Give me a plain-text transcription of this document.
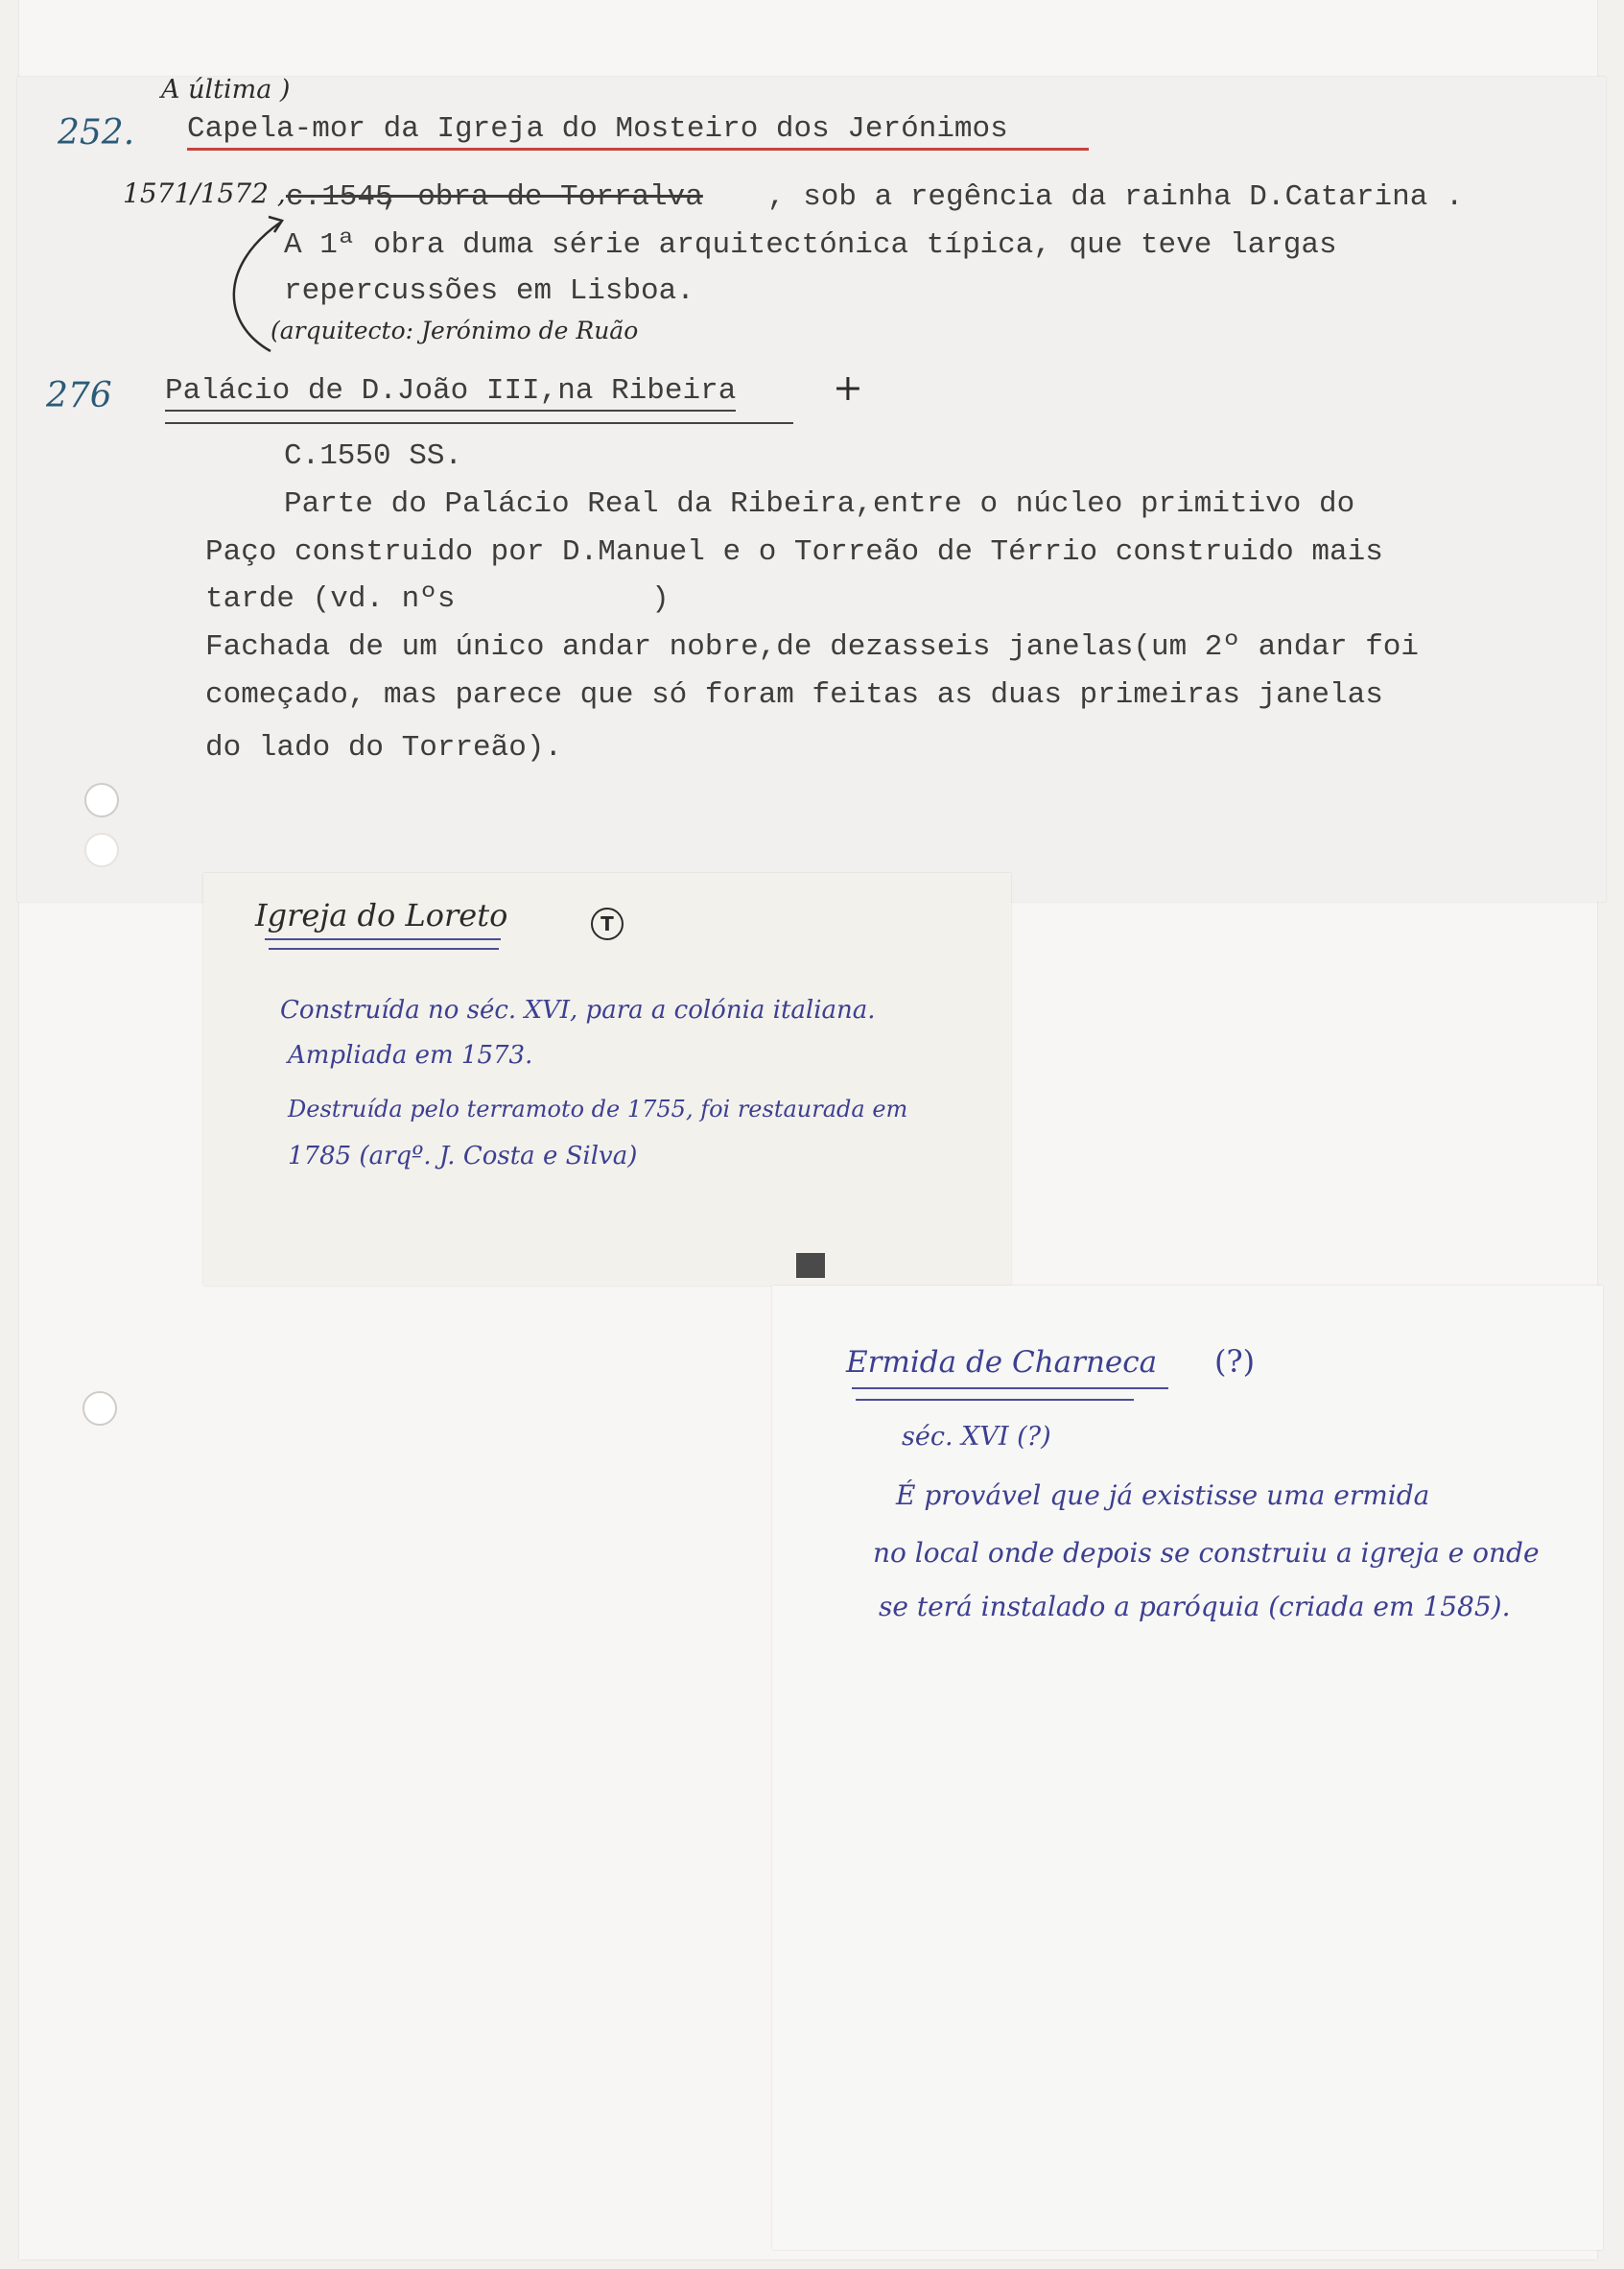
A última )
252. Capela-mor da Igreja do Mosteiro dos Jerónimos
1571/1572 , c.1545
, obra de Torralva , sob a regência da rainha D.Catarina .
A 1ª obra duma série arquitectónica típica, que teve largas
repercussões em Lisboa.
(arquitecto: Jerónimo de Ruão
276 Palácio de D.João III,na Ribeira	+
C.1550 SS.
Parte do Palácio Real da Ribeira,entre o núcleo primitivo do
Paço construido por D.Manuel e o Torreão de Térrio construido mais
tarde (vd. nºs           )
Fachada de um único andar nobre,de dezasseis janelas(um 2º andar foi
começado, mas parece que só foram feitas as duas primeiras janelas
do lado do Torreão).
Igreja do Loreto	T
Construída no séc. XVI, para a colónia italiana.
Ampliada em 1573.
Destruída pelo terramoto de 1755, foi restaurada em
1785 (arqº. J. Costa e Silva)
Ermida de Charneca (?)
séc. XVI (?)
É provável que já existisse uma ermida
no local onde depois se construiu a igreja e onde
se terá instalado a paróquia (criada em 1585).
